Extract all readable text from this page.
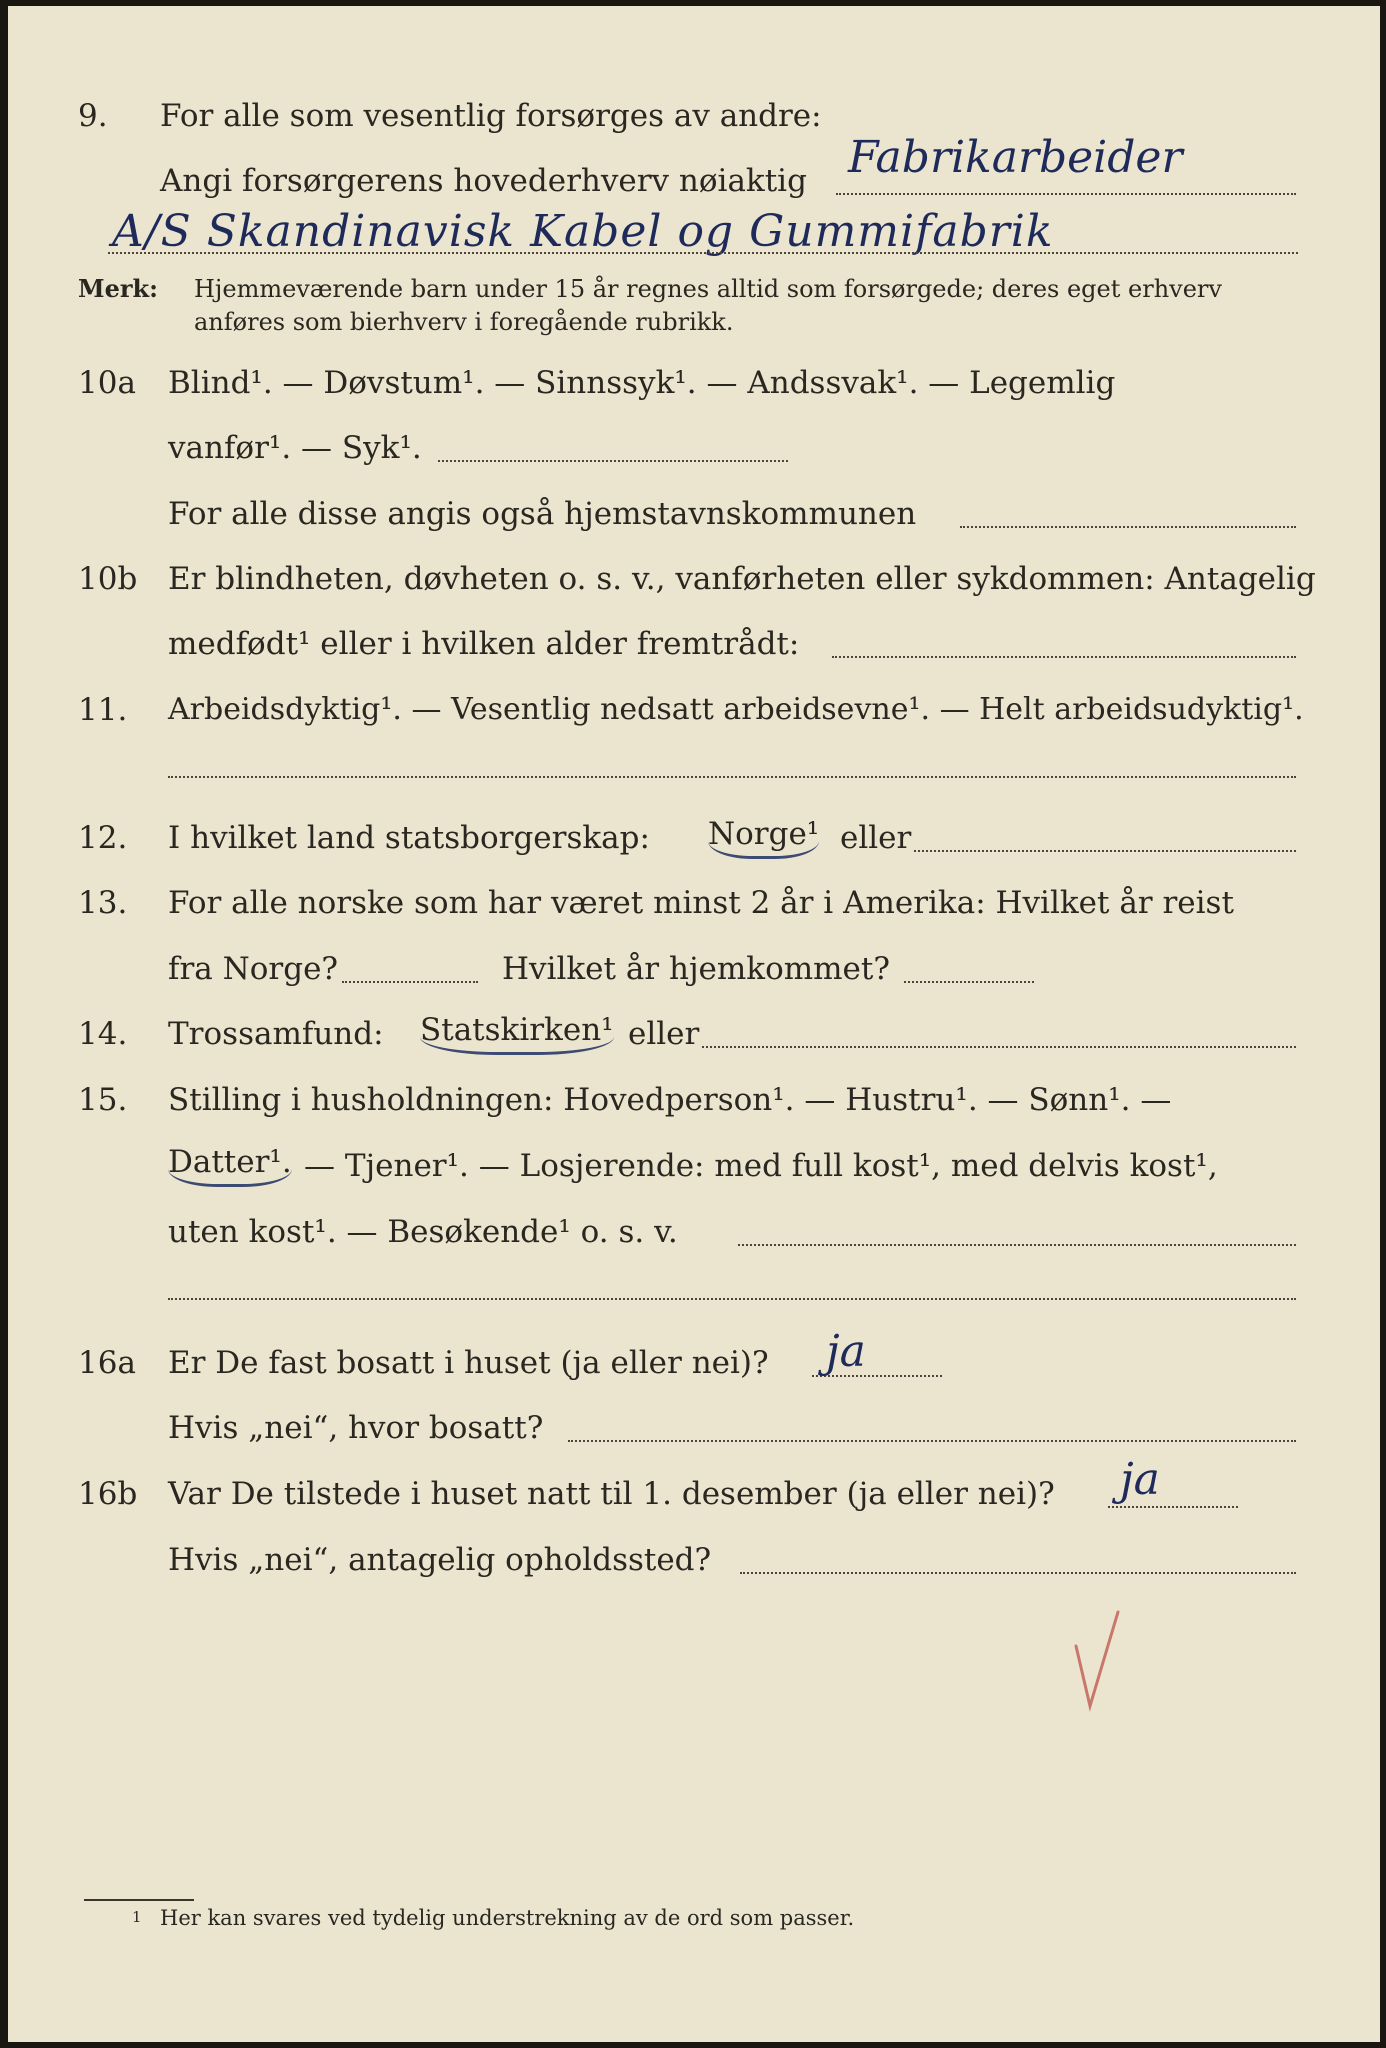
9. For alle som vesentlig forsørges av andre:
Angi forsørgerens hovederhverv nøiaktig Fabrikarbeider
A/S Skandinavisk Kabel og Gummifabrik
Merk: Hjemmeværende barn under 15 år regnes alltid som forsørgede; deres eget erhverv
anføres som bierhverv i foregående rubrikk.
10a Blind¹. — Døvstum¹. — Sinnssyk¹. — Andssvak¹. — Legemlig
vanfør¹. — Syk¹.
For alle disse angis også hjemstavnskommunen
10b Er blindheten, døvheten o. s. v., vanførheten eller sykdommen: Antagelig
medfødt¹ eller i hvilken alder fremtrådt:
11. Arbeidsdyktig¹. — Vesentlig nedsatt arbeidsevne¹. — Helt arbeidsudyktig¹.
12. I hvilket land statsborgerskap: Norge¹ eller
13. For alle norske som har været minst 2 år i Amerika: Hvilket år reist
fra Norge?	Hvilket år hjemkommet?
14. Trossamfund: Statskirken¹ eller
15. Stilling i husholdningen: Hovedperson¹. — Hustru¹. — Sønn¹. —
Datter¹. — Tjener¹. — Losjerende: med full kost¹, med delvis kost¹,
uten kost¹. — Besøkende¹ o. s. v.
16a Er De fast bosatt i huset (ja eller nei)? ja
Hvis „nei“, hvor bosatt?
16b Var De tilstede i huset natt til 1. desember (ja eller nei)? ja
Hvis „nei“, antagelig opholdssted?
1 Her kan svares ved tydelig understrekning av de ord som passer.
